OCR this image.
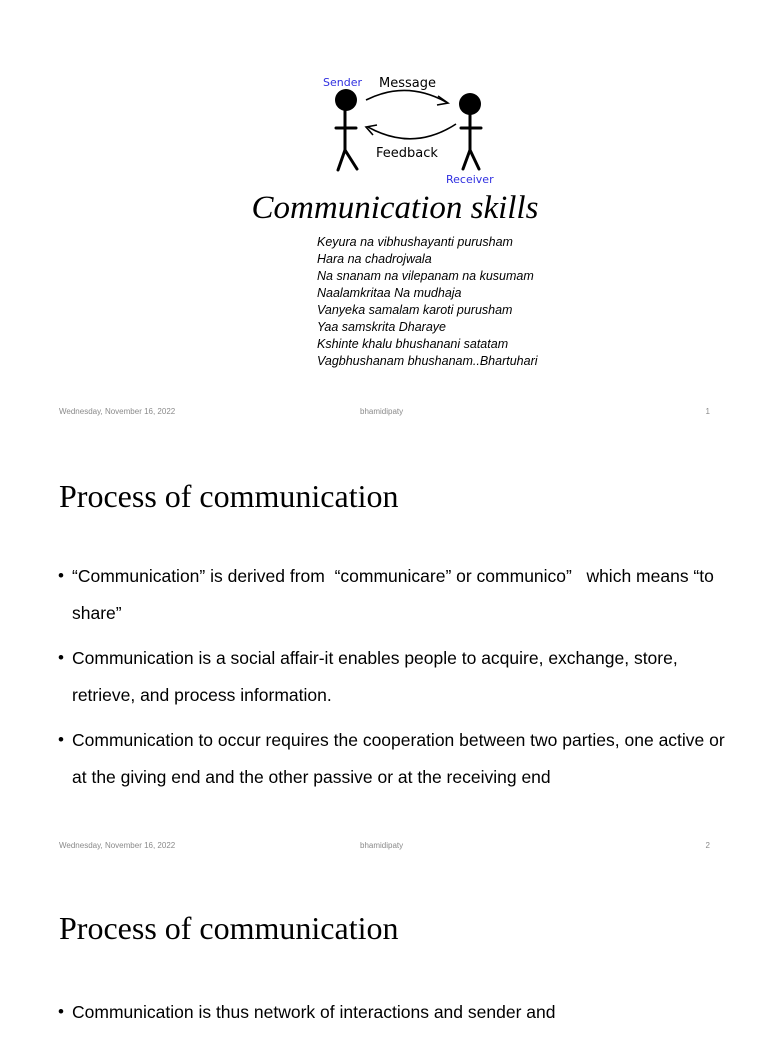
Sender Message
Feedback
Receiver
Communication skills
Keyura na vibhushayanti purusham
Hara na chadrojwala
Na snanam na vilepanam na kusumam
Naalamkritaa Na mudhaja
Vanyeka samalam karoti purusham
Yaa samskrita Dharaye
Kshinte khalu bhushanani satatam
Vagbhushanam bhushanam..Bhartuhari
Wednesday, November 16, 2022	bhamidipaty	1
Process of communication
• “Communication” is derived from  “communicare” or communico”   which means “to share”
• Communication is a social affair-it enables people to acquire, exchange, store, retrieve, and process information.
• Communication to occur requires the cooperation between two parties, one active or at the giving end and the other passive or at the receiving end
Wednesday, November 16, 2022	bhamidipaty	2
Process of communication
• Communication is thus network of interactions and sender and
